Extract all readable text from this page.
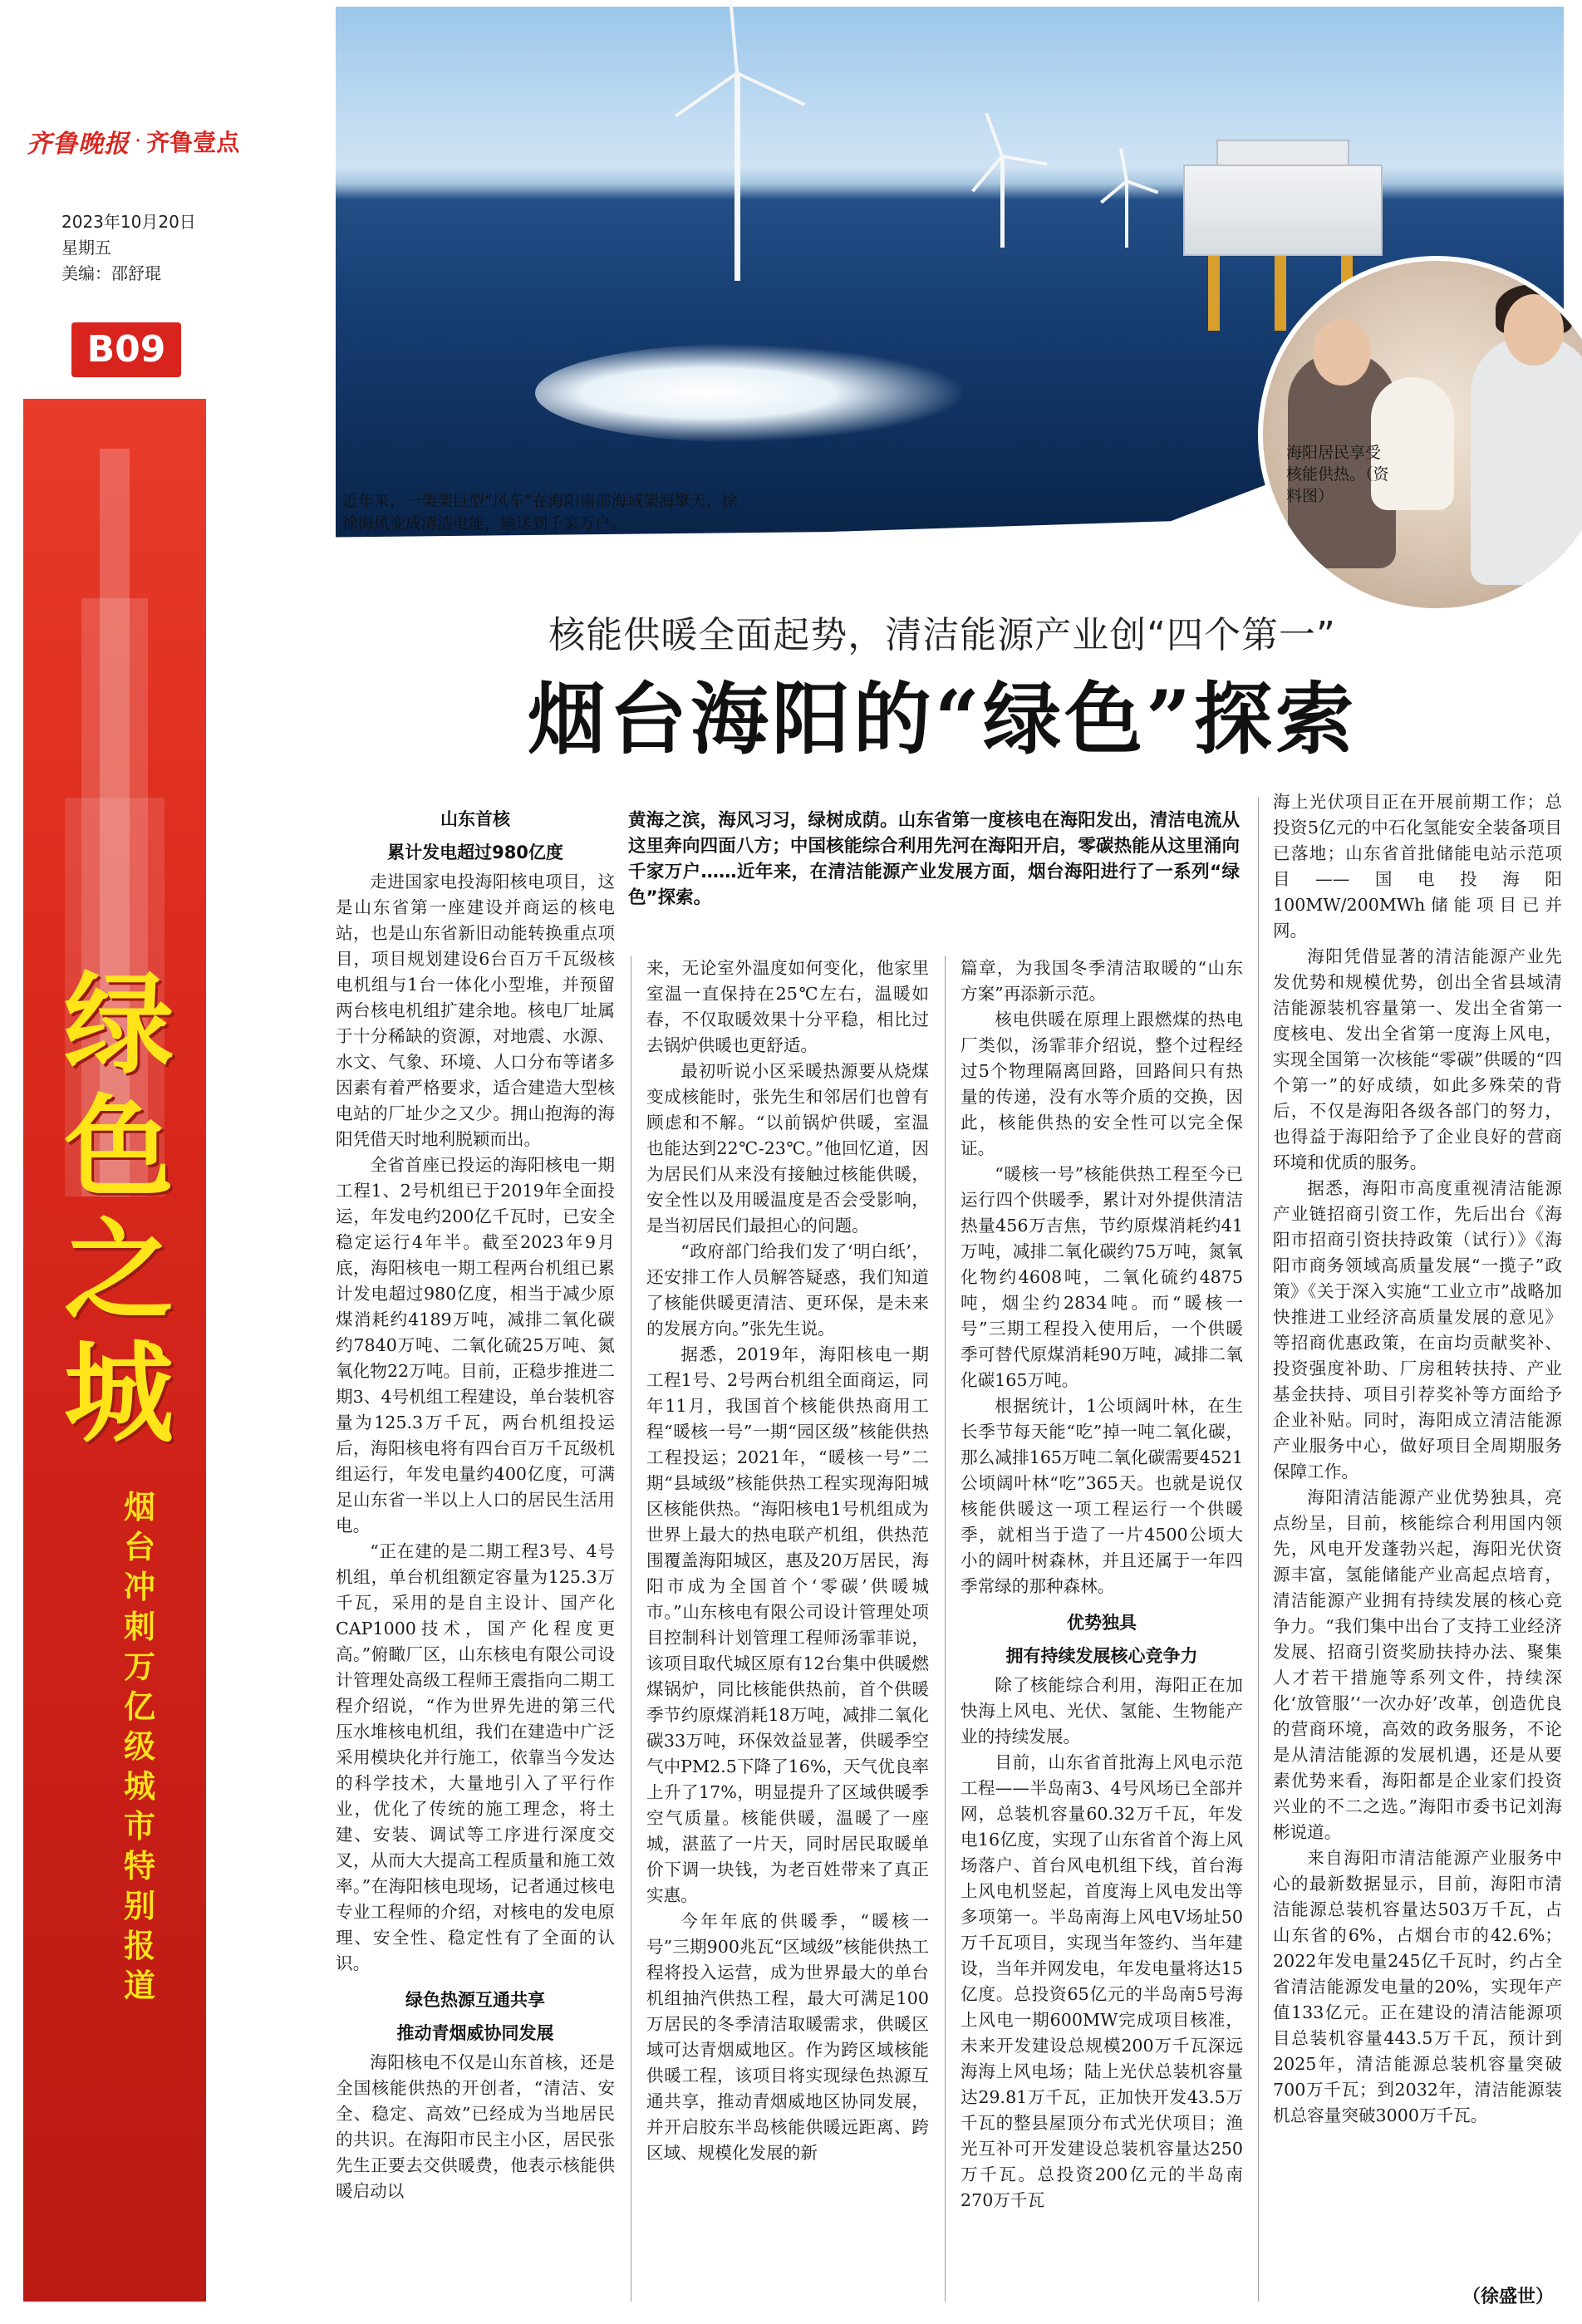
齐鲁晚报 · 齐鲁壹点
2023年10月20日
星期五
美编：邵舒琨
B09
绿色之城
烟台冲刺万亿级城市特别报道
近年来，一架架巨型“风车”在海阳南部海域架海擎天，徐徐海风变成清洁电能，输送到千家万户。
海阳居民享受核能供热。（资料图）
核能供暖全面起势，清洁能源产业创“四个第一”
烟台海阳的“绿色”探索
黄海之滨，海风习习，绿树成荫。山东省第一度核电在海阳发出，清洁电流从这里奔向四面八方；中国核能综合利用先河在海阳开启，零碳热能从这里涌向千家万户……近年来，在清洁能源产业发展方面，烟台海阳进行了一系列“绿色”探索。
山东首核
累计发电超过980亿度

走进国家电投海阳核电项目，这是山东省第一座建设并商运的核电站，也是山东省新旧动能转换重点项目，项目规划建设6台百万千瓦级核电机组与1台一体化小型堆，并预留两台核电机组扩建余地。核电厂址属于十分稀缺的资源，对地震、水源、水文、气象、环境、人口分布等诸多因素有着严格要求，适合建造大型核电站的厂址少之又少。拥山抱海的海阳凭借天时地利脱颖而出。

全省首座已投运的海阳核电一期工程1、2号机组已于2019年全面投运，年发电约200亿千瓦时，已安全稳定运行4年半。截至2023年9月底，海阳核电一期工程两台机组已累计发电超过980亿度，相当于减少原煤消耗约4189万吨，减排二氧化碳约7840万吨、二氧化硫25万吨、氮氧化物22万吨。目前，正稳步推进二期3、4号机组工程建设，单台装机容量为125.3万千瓦，两台机组投运后，海阳核电将有四台百万千瓦级机组运行，年发电量约400亿度，可满足山东省一半以上人口的居民生活用电。

“正在建的是二期工程3号、4号机组，单台机组额定容量为125.3万千瓦，采用的是自主设计、国产化CAP1000技术，国产化程度更高。”俯瞰厂区，山东核电有限公司设计管理处高级工程师王震指向二期工程介绍说，“作为世界先进的第三代压水堆核电机组，我们在建造中广泛采用模块化并行施工，依靠当今发达的科学技术，大量地引入了平行作业，优化了传统的施工理念，将土建、安装、调试等工序进行深度交叉，从而大大提高工程质量和施工效率。”在海阳核电现场，记者通过核电专业工程师的介绍，对核电的发电原理、安全性、稳定性有了全面的认识。

绿色热源互通共享
推动青烟威协同发展

海阳核电不仅是山东首核，还是全国核能供热的开创者，“清洁、安全、稳定、高效”已经成为当地居民的共识。在海阳市民主小区，居民张先生正要去交供暖费，他表示核能供暖启动以

来，无论室外温度如何变化，他家里室温一直保持在25℃左右，温暖如春，不仅取暖效果十分平稳，相比过去锅炉供暖也更舒适。

最初听说小区采暖热源要从烧煤变成核能时，张先生和邻居们也曾有顾虑和不解。“以前锅炉供暖，室温也能达到22℃-23℃。”他回忆道，因为居民们从来没有接触过核能供暖，安全性以及用暖温度是否会受影响，是当初居民们最担心的问题。

“政府部门给我们发了‘明白纸’，还安排工作人员解答疑惑，我们知道了核能供暖更清洁、更环保，是未来的发展方向。”张先生说。

据悉，2019年，海阳核电一期工程1号、2号两台机组全面商运，同年11月，我国首个核能供热商用工程“暖核一号”一期“园区级”核能供热工程投运；2021年，“暖核一号”二期“县域级”核能供热工程实现海阳城区核能供热。“海阳核电1号机组成为世界上最大的热电联产机组，供热范围覆盖海阳城区，惠及20万居民，海阳市成为全国首个‘零碳’供暖城市。”山东核电有限公司设计管理处项目控制科计划管理工程师汤霏菲说，该项目取代城区原有12台集中供暖燃煤锅炉，同比核能供热前，首个供暖季节约原煤消耗18万吨，减排二氧化碳33万吨，环保效益显著，供暖季空气中PM2.5下降了16%，天气优良率上升了17%，明显提升了区域供暖季空气质量。核能供暖，温暖了一座城，湛蓝了一片天，同时居民取暖单价下调一块钱，为老百姓带来了真正实惠。

今年年底的供暖季，“暖核一号”三期900兆瓦“区域级”核能供热工程将投入运营，成为世界最大的单台机组抽汽供热工程，最大可满足100万居民的冬季清洁取暖需求，供暖区域可达青烟威地区。作为跨区域核能供暖工程，该项目将实现绿色热源互通共享，推动青烟威地区协同发展，并开启胶东半岛核能供暖远距离、跨区域、规模化发展的新

篇章，为我国冬季清洁取暖的“山东方案”再添新示范。

核电供暖在原理上跟燃煤的热电厂类似，汤霏菲介绍说，整个过程经过5个物理隔离回路，回路间只有热量的传递，没有水等介质的交换，因此，核能供热的安全性可以完全保证。

“暖核一号”核能供热工程至今已运行四个供暖季，累计对外提供清洁热量456万吉焦，节约原煤消耗约41万吨，减排二氧化碳约75万吨，氮氧化物约4608吨，二氧化硫约4875吨，烟尘约2834吨。而“暖核一号”三期工程投入使用后，一个供暖季可替代原煤消耗90万吨，减排二氧化碳165万吨。

根据统计，1公顷阔叶林，在生长季节每天能“吃”掉一吨二氧化碳，那么减排165万吨二氧化碳需要4521公顷阔叶林“吃”365天。也就是说仅核能供暖这一项工程运行一个供暖季，就相当于造了一片4500公顷大小的阔叶树森林，并且还属于一年四季常绿的那种森林。

优势独具
拥有持续发展核心竞争力

除了核能综合利用，海阳正在加快海上风电、光伏、氢能、生物能产业的持续发展。

目前，山东省首批海上风电示范工程——半岛南3、4号风场已全部并网，总装机容量60.32万千瓦，年发电16亿度，实现了山东省首个海上风场落户、首台风电机组下线，首台海上风电机竖起，首度海上风电发出等多项第一。半岛南海上风电V场址50万千瓦项目，实现当年签约、当年建设，当年并网发电，年发电量将达15亿度。总投资65亿元的半岛南5号海上风电一期600MW完成项目核准，未来开发建设总规模200万千瓦深远海海上风电场；陆上光伏总装机容量达29.81万千瓦，正加快开发43.5万千瓦的整县屋顶分布式光伏项目；渔光互补可开发建设总装机容量达250万千瓦。总投资200亿元的半岛南270万千瓦

海上光伏项目正在开展前期工作；总投资5亿元的中石化氢能安全装备项目已落地；山东省首批储能电站示范项目——国电投海阳100MW/200MWh储能项目已并网。

海阳凭借显著的清洁能源产业先发优势和规模优势，创出全省县域清洁能源装机容量第一、发出全省第一度核电、发出全省第一度海上风电，实现全国第一次核能“零碳”供暖的“四个第一”的好成绩，如此多殊荣的背后，不仅是海阳各级各部门的努力，也得益于海阳给予了企业良好的营商环境和优质的服务。

据悉，海阳市高度重视清洁能源产业链招商引资工作，先后出台《海阳市招商引资扶持政策（试行）》《海阳市商务领域高质量发展“一揽子”政策》《关于深入实施“工业立市”战略加快推进工业经济高质量发展的意见》等招商优惠政策，在亩均贡献奖补、投资强度补助、厂房租转扶持、产业基金扶持、项目引荐奖补等方面给予企业补贴。同时，海阳成立清洁能源产业服务中心，做好项目全周期服务保障工作。

海阳清洁能源产业优势独具，亮点纷呈，目前，核能综合利用国内领先，风电开发蓬勃兴起，海阳光伏资源丰富，氢能储能产业高起点培育，清洁能源产业拥有持续发展的核心竞争力。“我们集中出台了支持工业经济发展、招商引资奖励扶持办法、聚集人才若干措施等系列文件，持续深化‘放管服’‘一次办好’改革，创造优良的营商环境，高效的政务服务，不论是从清洁能源的发展机遇，还是从要素优势来看，海阳都是企业家们投资兴业的不二之选。”海阳市委书记刘海彬说道。

来自海阳市清洁能源产业服务中心的最新数据显示，目前，海阳市清洁能源总装机容量达503万千瓦，占山东省的6%，占烟台市的42.6%；2022年发电量245亿千瓦时，约占全省清洁能源发电量的20%，实现年产值133亿元。正在建设的清洁能源项目总装机容量443.5万千瓦，预计到2025年，清洁能源总装机容量突破700万千瓦；到2032年，清洁能源装机总容量突破3000万千瓦。

（徐盛世）
